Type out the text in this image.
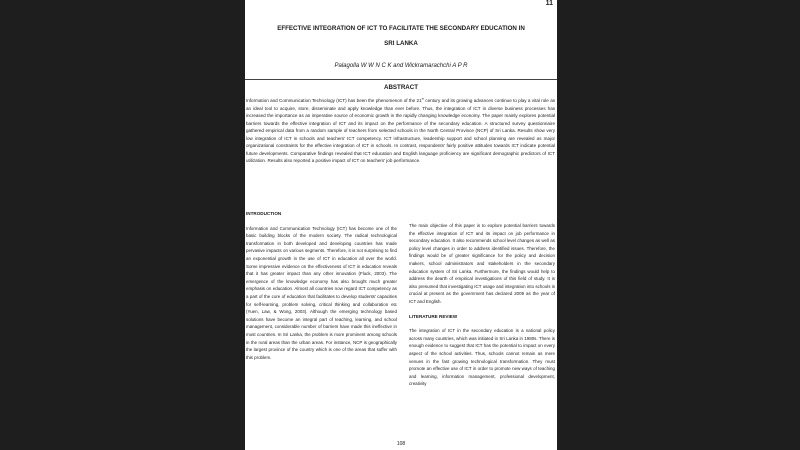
11
EFFECTIVE INTEGRATION OF ICT TO FACILITATE THE SECONDARY EDUCATION IN
SRI LANKA
Palagolla W W N C K and Wickramarachchi A P R
ABSTRACT
Information and Communication Technology (ICT) has been the phenomenon of the 21st century and its growing advances continue to play a vital role as an ideal tool to acquire, store, disseminate and apply knowledge than ever before. Thus, the integration of ICT in diverse business processes has increased the importance as an imperative source of economic growth in the rapidly changing knowledge economy. The paper mainly explores potential barriers towards the effective integration of ICT and its impact on the performance of the secondary education. A structured survey questionnaire gathered empirical data from a random sample of teachers from selected schools in the North Central Province (NCP) of Sri Lanka. Results show very low integration of ICT in schools and teachers' ICT competency. ICT infrastructure, leadership support and school planning are revealed as major organizational constraints for the effective integration of ICT in schools. In contrast, respondents' fairly positive attitudes towards ICT indicate potential future developments. Comparative findings revealed that ICT education and English language proficiency are significant demographic predictors of ICT utilization. Results also reported a positive impact of ICT on teachers' job performance.
INTRODUCTION

Information and Communication Technology (ICT) has become one of the basic building blocks of the modern society. The radical technological transformation in both developed and developing countries has made pervasive impacts on various segments. Therefore, it is not surprising to find an exponential growth in the use of ICT in education all over the world. Some impressive evidence on the effectiveness of ICT in education reveals that it has greater impact than any other innovation (Fluck, 2003). The emergence of the knowledge economy has also brought much greater emphasis on education. Almost all countries now regard ICT competency as a part of the core of education that facilitates to develop students' capacities for self-learning, problem solving, critical thinking and collaboration etc (Yuen, Law, & Wong, 2003). Although the emerging technology based solutions have become an integral part of teaching, learning, and school management, considerable number of barriers have made this ineffective in most countries. In Sri Lanka, the problem is more prominent among schools in the rural areas than the urban areas. For instance, NCP is geographically the largest province of the country which is one of the areas that suffer with this problem.

The main objective of this paper is to explore potential barriers towards the effective integration of ICT and its impact on job performance in secondary education. It also recommends school level changes as well as policy level changes in order to address identified issues. Therefore, the findings would be of greater significance for the policy and decision makers, school administrators and stakeholders in the secondary education system of Sri Lanka. Furthermore, the findings would help to address the dearth of empirical investigations of this field of study. It is also presumed that investigating ICT usage and integration into schools is crucial at present as the government has declared 2009 as the year of ICT and English.

LITERATURE REVIEW

The integration of ICT in the secondary education is a national policy across many countries, which was initiated in Sri Lanka in 1980s. There is enough evidence to suggest that ICT has the potential to impact on every aspect of the school activities. Thus, schools cannot remain as mere venues in the fast growing technological transformation. They must promote an effective use of ICT in order to promote new ways of teaching and learning, information management, professional development, creativity

108
